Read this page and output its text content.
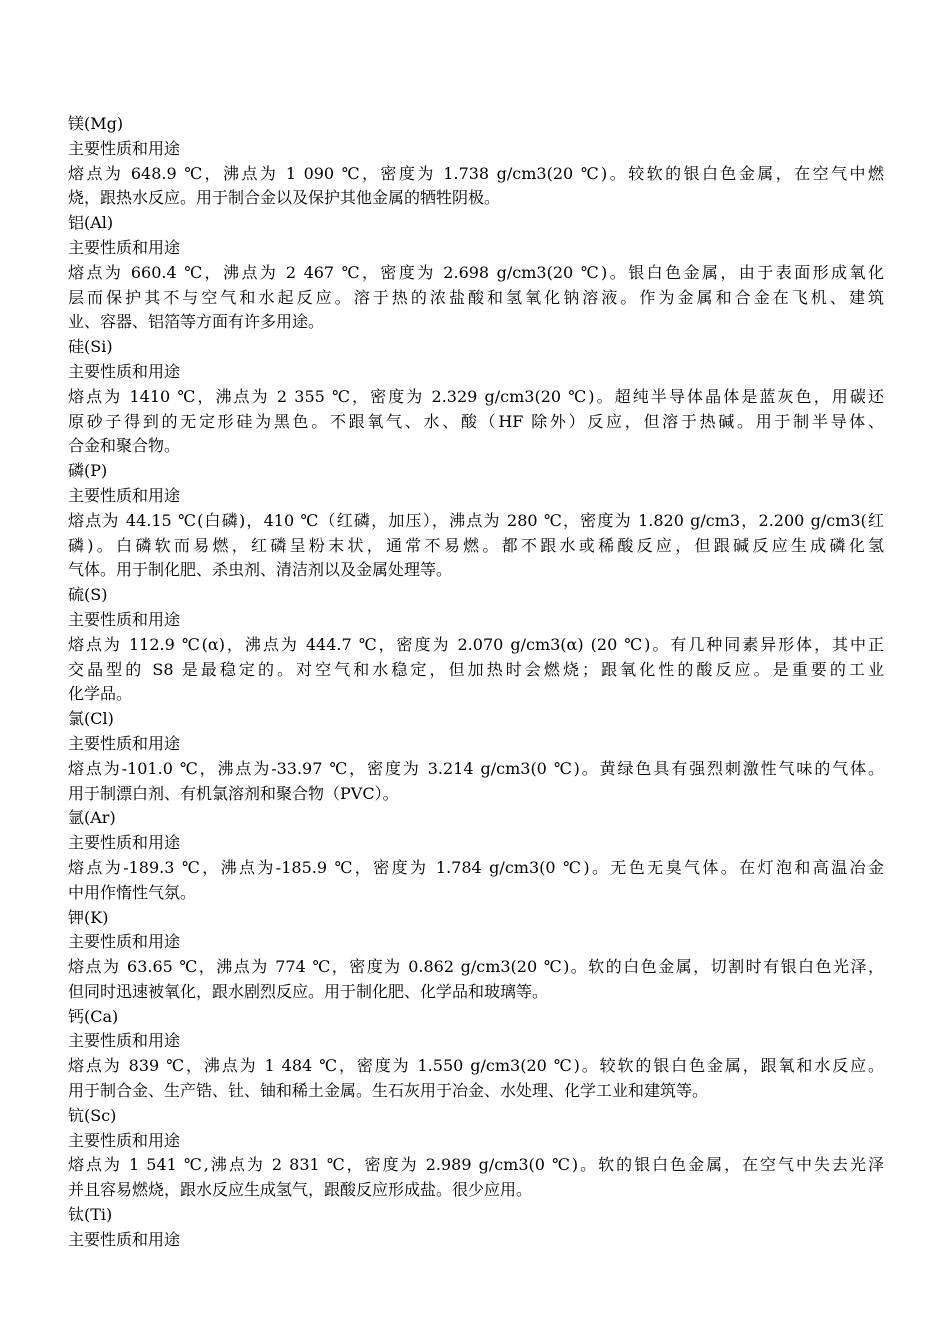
镁(Mg)
主要性质和用途
熔点为 648.9 ℃，沸点为 1 090 ℃，密度为 1.738 g/cm3(20 ℃)。较软的银白色金属，在空气中燃
烧，跟热水反应。用于制合金以及保护其他金属的牺牲阴极。
铝(Al)
主要性质和用途
熔点为 660.4 ℃，沸点为 2 467 ℃，密度为 2.698 g/cm3(20 ℃)。银白色金属，由于表面形成氧化
层而保护其不与空气和水起反应。溶于热的浓盐酸和氢氧化钠溶液。作为金属和合金在飞机、建筑
业、容器、铝箔等方面有许多用途。
硅(Si)
主要性质和用途
熔点为 1410 ℃，沸点为 2 355 ℃，密度为 2.329 g/cm3(20 ℃)。超纯半导体晶体是蓝灰色，用碳还
原砂子得到的无定形硅为黑色。不跟氧气、水、酸（HF 除外）反应，但溶于热碱。用于制半导体、
合金和聚合物。
磷(P)
主要性质和用途
熔点为 44.15 ℃(白磷)，410 ℃（红磷，加压），沸点为 280 ℃，密度为 1.820 g/cm3，2.200 g/cm3(红
磷)。白磷软而易燃，红磷呈粉末状，通常不易燃。都不跟水或稀酸反应，但跟碱反应生成磷化氢
气体。用于制化肥、杀虫剂、清洁剂以及金属处理等。
硫(S)
主要性质和用途
熔点为 112.9 ℃(α)，沸点为 444.7 ℃，密度为 2.070 g/cm3(α) (20 ℃)。有几种同素异形体，其中正
交晶型的 S8 是最稳定的。对空气和水稳定，但加热时会燃烧；跟氧化性的酸反应。是重要的工业
化学品。
氯(Cl)
主要性质和用途
熔点为-101.0 ℃，沸点为-33.97 ℃，密度为 3.214 g/cm3(0 ℃)。黄绿色具有强烈刺激性气味的气体。
用于制漂白剂、有机氯溶剂和聚合物（PVC）。
氩(Ar)
主要性质和用途
熔点为-189.3 ℃，沸点为-185.9 ℃，密度为 1.784 g/cm3(0 ℃)。无色无臭气体。在灯泡和高温冶金
中用作惰性气氛。
钾(K)
主要性质和用途
熔点为 63.65 ℃，沸点为 774 ℃，密度为 0.862 g/cm3(20 ℃)。软的白色金属，切割时有银白色光泽，
但同时迅速被氧化，跟水剧烈反应。用于制化肥、化学品和玻璃等。
钙(Ca)
主要性质和用途
熔点为 839 ℃，沸点为 1 484 ℃，密度为 1.550 g/cm3(20 ℃)。较软的银白色金属，跟氧和水反应。
用于制合金、生产锆、钍、铀和稀土金属。生石灰用于冶金、水处理、化学工业和建筑等。
钪(Sc)
主要性质和用途
熔点为 1 541 ℃,沸点为 2 831 ℃，密度为 2.989 g/cm3(0 ℃)。软的银白色金属，在空气中失去光泽
并且容易燃烧，跟水反应生成氢气，跟酸反应形成盐。很少应用。
钛(Ti)
主要性质和用途
